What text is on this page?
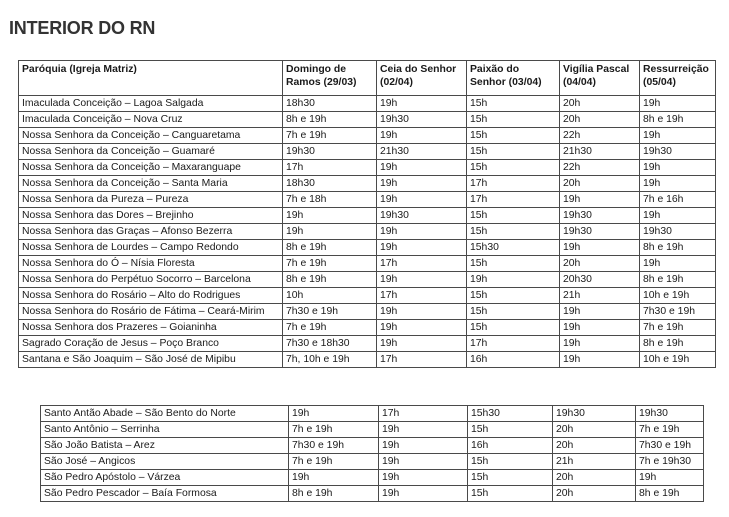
INTERIOR DO RN
Paróquia (Igreja Matriz)	Domingo de Ramos (29/03)	Ceia do Senhor (02/04)	Paixão do Senhor (03/04)	Vigília Pascal (04/04)	Ressurreição (05/04)
Imaculada Conceição – Lagoa Salgada	18h30	19h	15h	20h	19h
Imaculada Conceição – Nova Cruz	8h e 19h	19h30	15h	20h	8h e 19h
Nossa Senhora da Conceição – Canguaretama	7h e 19h	19h	15h	22h	19h
Nossa Senhora da Conceição – Guamaré	19h30	21h30	15h	21h30	19h30
Nossa Senhora da Conceição – Maxaranguape	17h	19h	15h	22h	19h
Nossa Senhora da Conceição – Santa Maria	18h30	19h	17h	20h	19h
Nossa Senhora da Pureza – Pureza	7h e 18h	19h	17h	19h	7h e 16h
Nossa Senhora das Dores – Brejinho	19h	19h30	15h	19h30	19h
Nossa Senhora das Graças – Afonso Bezerra	19h	19h	15h	19h30	19h30
Nossa Senhora de Lourdes – Campo Redondo	8h e 19h	19h	15h30	19h	8h e 19h
Nossa Senhora do Ó – Nísia Floresta	7h e 19h	17h	15h	20h	19h
Nossa Senhora do Perpétuo Socorro – Barcelona	8h e 19h	19h	19h	20h30	8h e 19h
Nossa Senhora do Rosário – Alto do Rodrigues	10h	17h	15h	21h	10h e 19h
Nossa Senhora do Rosário de Fátima – Ceará-Mirim	7h30 e 19h	19h	15h	19h	7h30 e 19h
Nossa Senhora dos Prazeres – Goianinha	7h e 19h	19h	15h	19h	7h e 19h
Sagrado Coração de Jesus – Poço Branco	7h30 e 18h30	19h	17h	19h	8h e 19h
Santana e São Joaquim – São José de Mipibu	7h, 10h e 19h	17h	16h	19h	10h e 19h
Santo Antão Abade – São Bento do Norte	19h	17h	15h30	19h30	19h30
Santo Antônio – Serrinha	7h e 19h	19h	15h	20h	7h e 19h
São João Batista – Arez	7h30 e 19h	19h	16h	20h	7h30 e 19h
São José – Angicos	7h e 19h	19h	15h	21h	7h e 19h30
São Pedro Apóstolo – Várzea	19h	19h	15h	20h	19h
São Pedro Pescador – Baía Formosa	8h e 19h	19h	15h	20h	8h e 19h
